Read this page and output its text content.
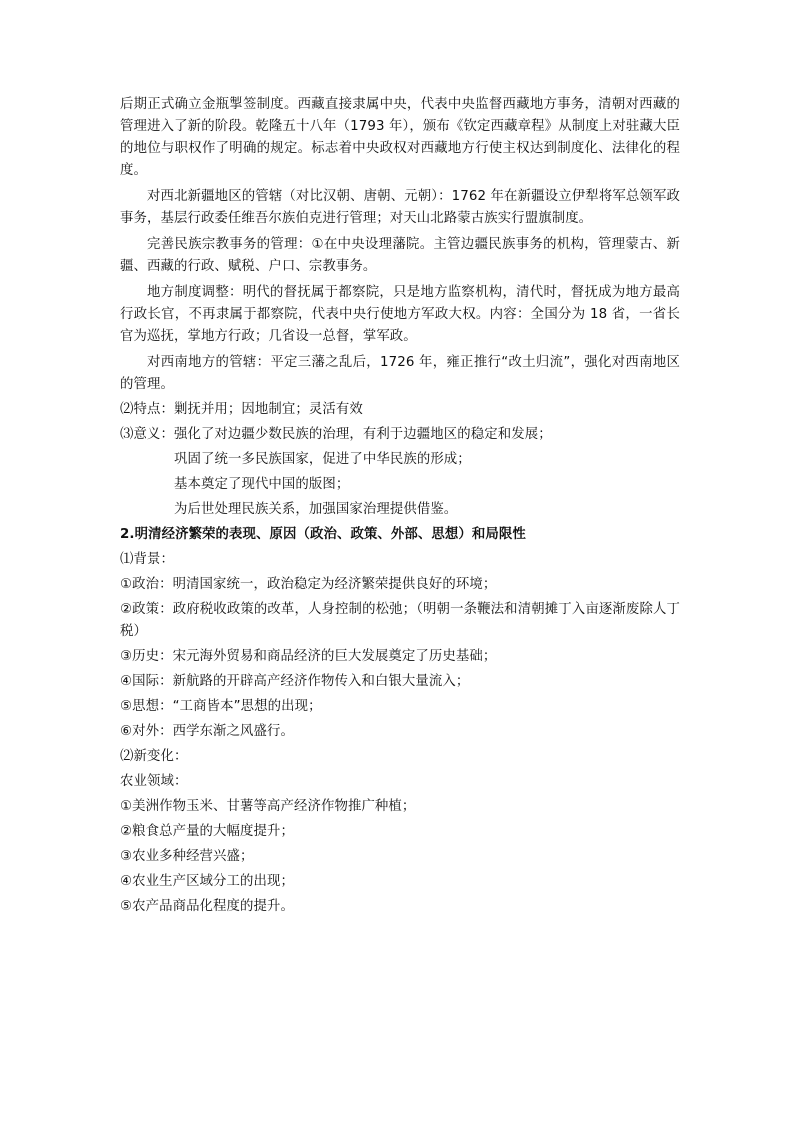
后期正式确立金瓶掣签制度。西藏直接隶属中央，代表中央监督西藏地方事务，清朝对西藏的管理进入了新的阶段。乾隆五十八年（1793 年），颁布《钦定西藏章程》从制度上对驻藏大臣的地位与职权作了明确的规定。标志着中央政权对西藏地方行使主权达到制度化、法律化的程度。

对西北新疆地区的管辖（对比汉朝、唐朝、元朝）：1762 年在新疆设立伊犁将军总领军政事务，基层行政委任维吾尔族伯克进行管理；对天山北路蒙古族实行盟旗制度。

完善民族宗教事务的管理：①在中央设理藩院。主管边疆民族事务的机构，管理蒙古、新疆、西藏的行政、赋税、户口、宗教事务。

地方制度调整：明代的督抚属于都察院，只是地方监察机构，清代时，督抚成为地方最高行政长官，不再隶属于都察院，代表中央行使地方军政大权。内容：全国分为 18 省，一省长官为巡抚，掌地方行政；几省设一总督，掌军政。

对西南地方的管辖：平定三藩之乱后，1726 年，雍正推行“改土归流”，强化对西南地区的管理。

⑵特点：剿抚并用；因地制宜；灵活有效

⑶意义：强化了对边疆少数民族的治理，有利于边疆地区的稳定和发展；

巩固了统一多民族国家，促进了中华民族的形成；

基本奠定了现代中国的版图；

为后世处理民族关系，加强国家治理提供借鉴。

2.明清经济繁荣的表现、原因（政治、政策、外部、思想）和局限性

⑴背景：

①政治：明清国家统一，政治稳定为经济繁荣提供良好的环境；

②政策：政府税收政策的改革，人身控制的松弛；（明朝一条鞭法和清朝摊丁入亩逐渐废除人丁税）

③历史：宋元海外贸易和商品经济的巨大发展奠定了历史基础；

④国际：新航路的开辟高产经济作物传入和白银大量流入；

⑤思想：“工商皆本”思想的出现；

⑥对外：西学东渐之风盛行。

⑵新变化：

农业领域：

①美洲作物玉米、甘薯等高产经济作物推广种植；

②粮食总产量的大幅度提升；

③农业多种经营兴盛；

④农业生产区域分工的出现；

⑤农产品商品化程度的提升。
